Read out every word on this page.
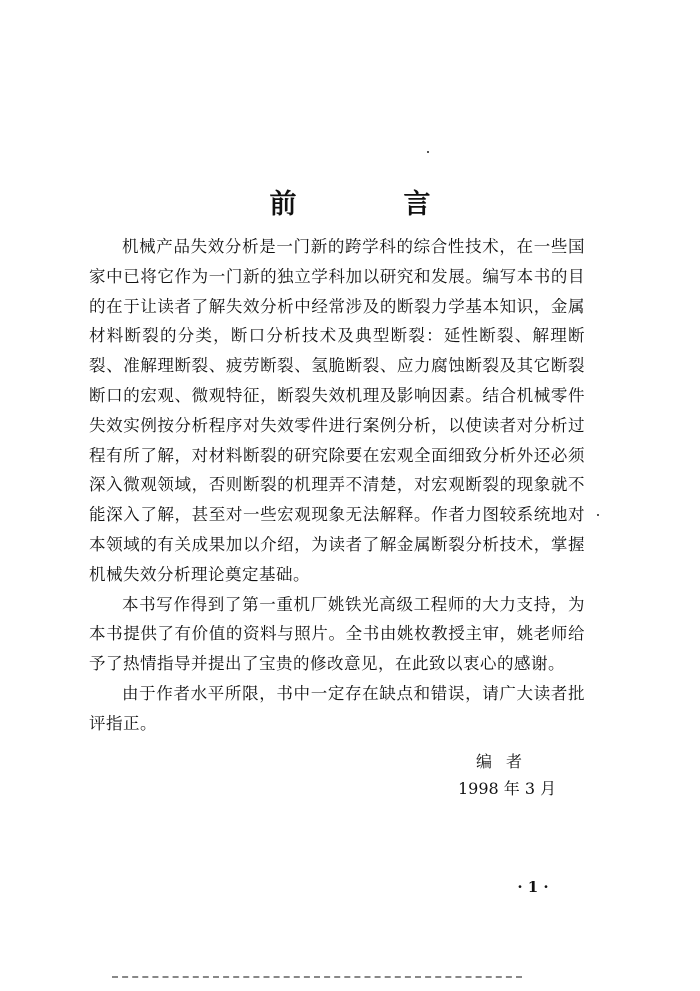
前　言

机械产品失效分析是一门新的跨学科的综合性技术，在一些国家中已将它作为一门新的独立学科加以研究和发展。编写本书的目的在于让读者了解失效分析中经常涉及的断裂力学基本知识，金属材料断裂的分类，断口分析技术及典型断裂：延性断裂、解理断裂、准解理断裂、疲劳断裂、氢脆断裂、应力腐蚀断裂及其它断裂断口的宏观、微观特征，断裂失效机理及影响因素。结合机械零件失效实例按分析程序对失效零件进行案例分析，以使读者对分析过程有所了解，对材料断裂的研究除要在宏观全面细致分析外还必须深入微观领域，否则断裂的机理弄不清楚，对宏观断裂的现象就不能深入了解，甚至对一些宏观现象无法解释。作者力图较系统地对本领域的有关成果加以介绍，为读者了解金属断裂分析技术，掌握机械失效分析理论奠定基础。

本书写作得到了第一重机厂姚铁光高级工程师的大力支持，为本书提供了有价值的资料与照片。全书由姚枚教授主审，姚老师给予了热情指导并提出了宝贵的修改意见，在此致以衷心的感谢。

由于作者水平所限，书中一定存在缺点和错误，请广大读者批评指正。

编者
1998 年 3 月
· 1 ·
